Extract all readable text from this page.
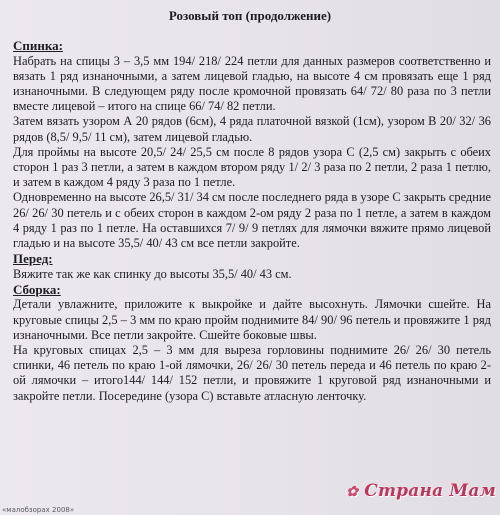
Розовый топ (продолжение)
Спинка:

Набрать на спицы 3 – 3,5 мм 194/ 218/ 224 петли для данных размеров соответственно и вязать 1 ряд изнаночными, а затем лицевой гладью, на высоте 4 см провязать еще 1 ряд изнаночными. В следующем ряду после кромочной провязать 64/ 72/ 80 раза по 3 петли вместе лицевой – итого на спице 66/ 74/ 82 петли.

Затем вязать узором А 20 рядов (6см), 4 ряда платочной вязкой (1см), узором В 20/ 32/ 36 рядов (8,5/ 9,5/ 11 см), затем лицевой гладью.

Для проймы на высоте 20,5/ 24/ 25,5 см после 8 рядов узора С (2,5 см) закрыть с обеих сторон 1 раз 3 петли, а затем в каждом втором ряду 1/ 2/ 3 раза по 2 петли, 2 раза 1 петлю, и затем в каждом 4 ряду 3 раза по 1 петле.

Одновременно на высоте 26,5/ 31/ 34 см после последнего ряда в узоре С закрыть средние 26/ 26/ 30 петель и с обеих сторон в каждом 2-ом ряду 2 раза по 1 петле, а затем в каждом 4 ряду 1 раз по 1 петле. На оставшихся 7/ 9/ 9 петлях для лямочки вяжите прямо лицевой гладью и на высоте 35,5/ 40/ 43 см все петли закройте.

Перед:

Вяжите так же как спинку до высоты 35,5/ 40/ 43 см.

Сборка:

Детали увлажните, приложите к выкройке и дайте высохнуть. Лямочки сшейте. На круговые спицы 2,5 – 3 мм по краю пройм поднимите 84/ 90/ 96 петель и провяжите 1 ряд изнаночными. Все петли закройте. Сшейте боковые швы.

На круговых спицах 2,5 – 3 мм для выреза горловины поднимите 26/ 26/ 30 петель спинки, 46 петель по краю 1-ой лямочки, 26/ 26/ 30 петель переда и 46 петель по краю 2-ой лямочки – итого144/ 144/ 152 петли, и провяжите 1 круговой ряд изнаночными и закройте петли. Посередине (узора С) вставьте атласную ленточку.

✿ Страна Мам
«малобзорах 2008»
